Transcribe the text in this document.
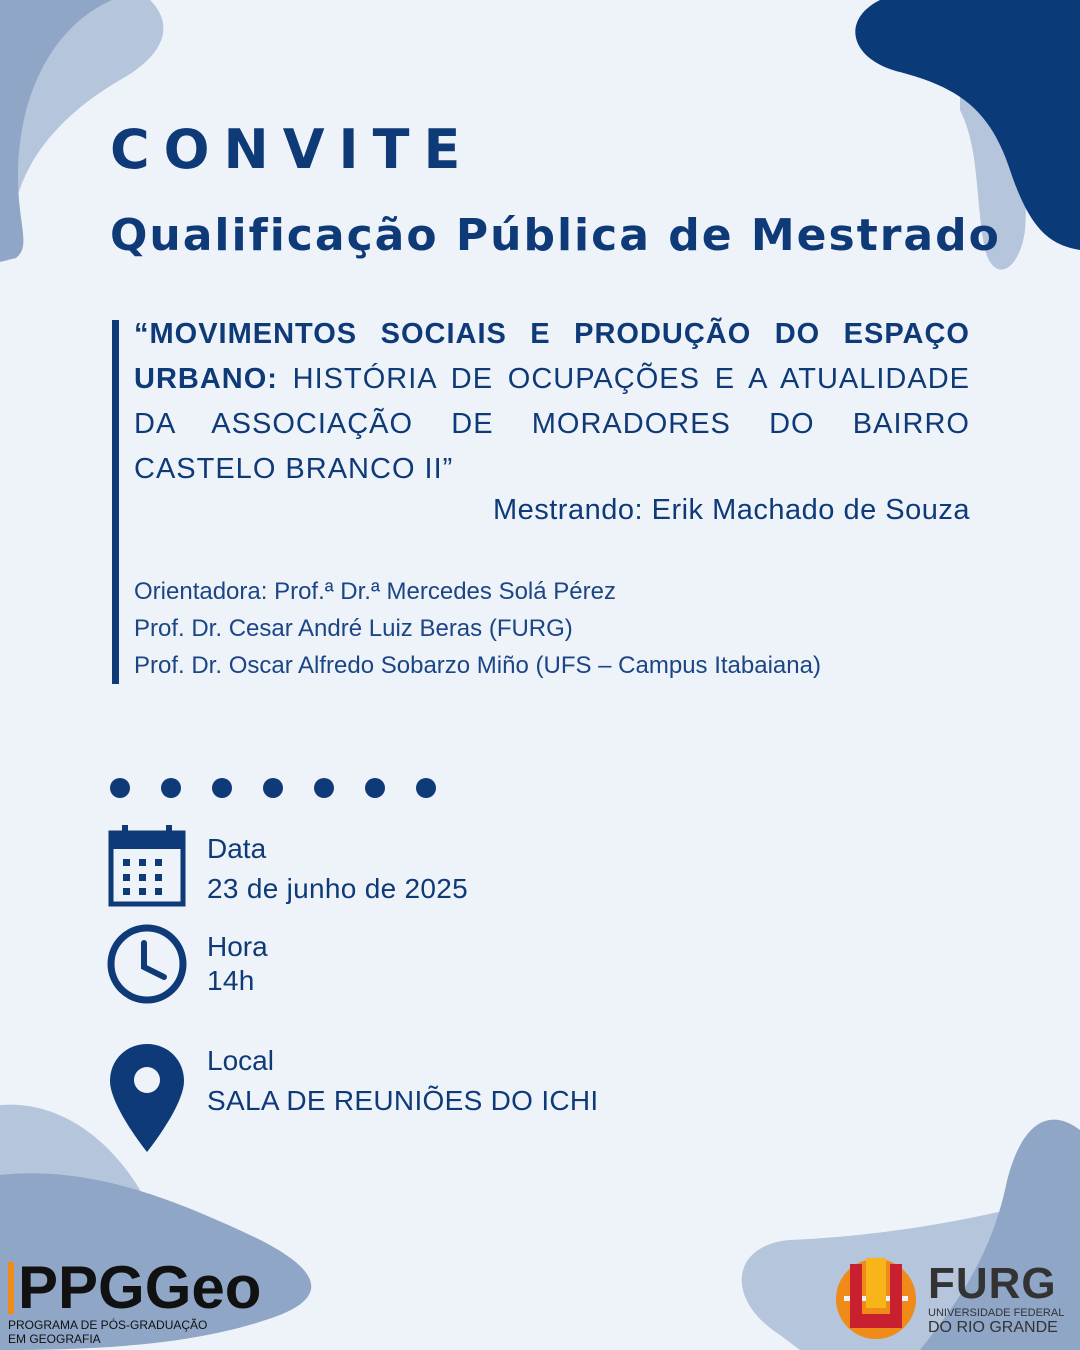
CONVITE
Qualificação Pública de Mestrado

“MOVIMENTOS SOCIAIS E PRODUÇÃO DO ESPAÇO URBANO: HISTÓRIA DE OCUPAÇÕES E A ATUALIDADE DA ASSOCIAÇÃO DE MORADORES DO BAIRRO CASTELO BRANCO II”

Mestrando: Erik Machado de Souza

Orientadora: Prof.ª Dr.ª Mercedes Solá Pérez
Prof. Dr. Cesar André Luiz Beras (FURG)
Prof. Dr. Oscar Alfredo Sobarzo Miño (UFS – Campus Itabaiana)

Data

23 de junho de 2025

Hora

14h

Local

SALA DE REUNIÕES DO ICHI

PPGGeo

PROGRAMA DE PÓS-GRADUAÇÃO

EM GEOGRAFIA

FURG

UNIVERSIDADE FEDERAL

DO RIO GRANDE
